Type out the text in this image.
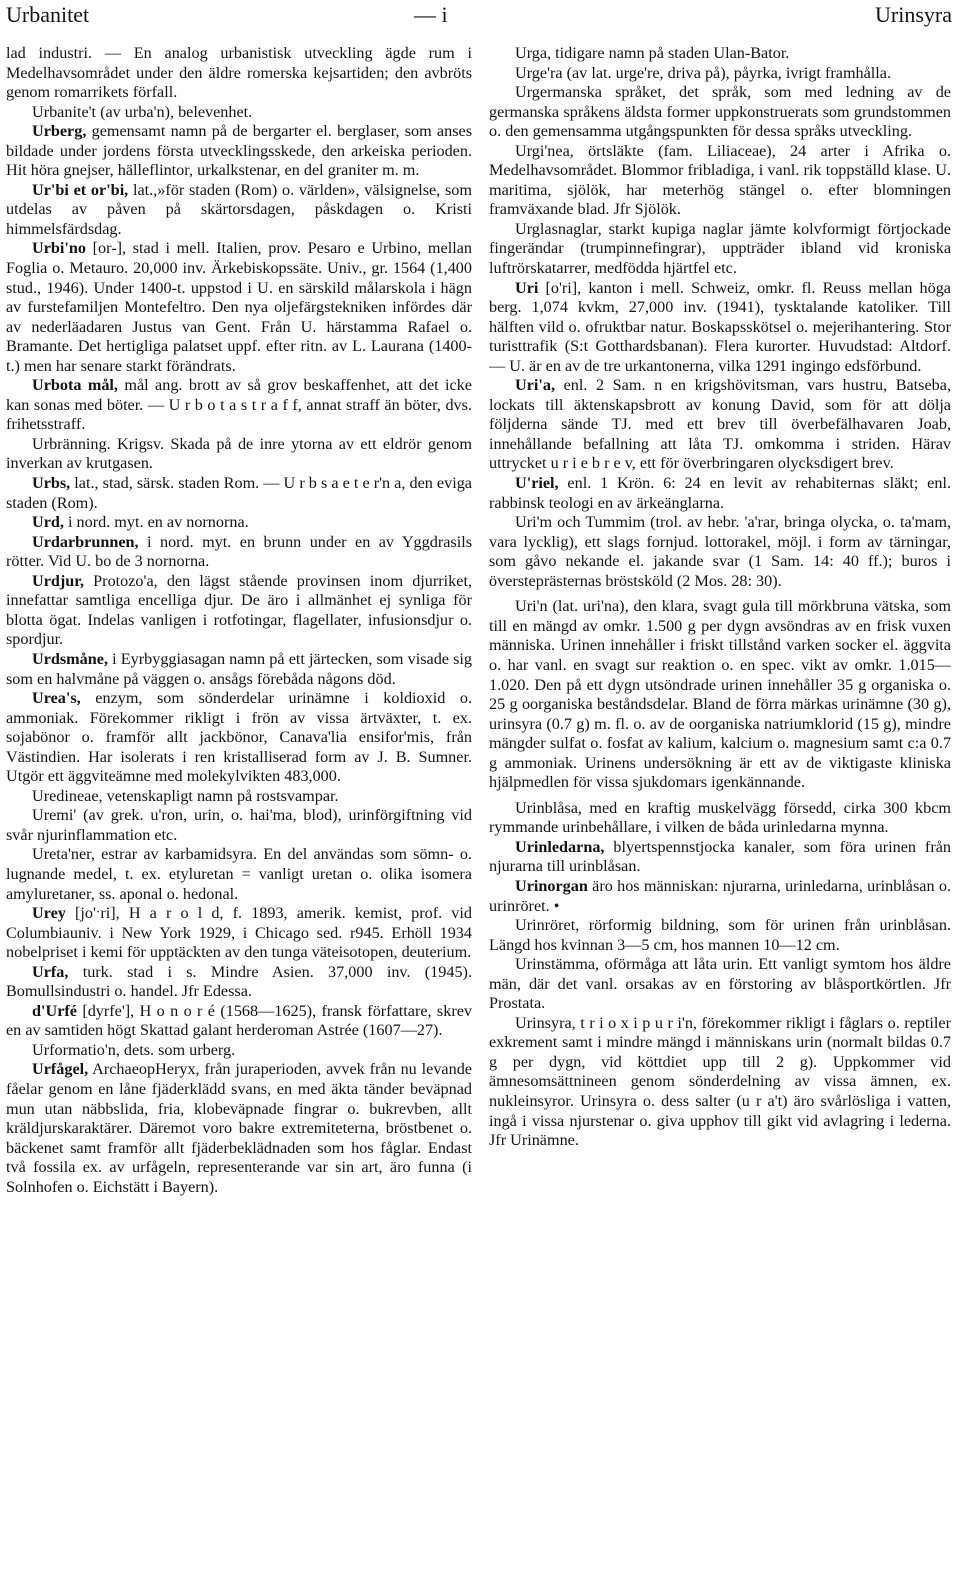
Urbanitet	— i	Urinsyra

lad industri. — En analog urbanistisk utveckling ägde rum i Medelhavsområdet under den äldre romerska kejsartiden; den avbröts genom romarrikets förfall.

Urbanite't (av urba'n), belevenhet.

Urberg, gemensamt namn på de bergarter el. berglaser, som anses bildade under jordens första utvecklingsskede, den arkeiska perioden. Hit höra gnejser, hälleflintor, urkalkstenar, en del graniter m. m.

Ur'bi et or'bi, lat.,»för staden (Rom) o. världen», välsignelse, som utdelas av påven på skärtorsdagen, påskdagen o. Kristi himmelsfärdsdag.

Urbi'no [or-], stad i mell. Italien, prov. Pesaro e Urbino, mellan Foglia o. Metauro. 20,000 inv. Ärkebiskopssäte. Univ., gr. 1564 (1,400 stud., 1946). Under 1400-t. uppstod i U. en särskild målarskola i hägn av furstefamiljen Montefeltro. Den nya oljefärgstekniken infördes där av nederläadaren Justus van Gent. Från U. härstamma Rafael o. Bramante. Det hertigliga palatset uppf. efter ritn. av L. Laurana (1400-t.) men har senare starkt förändrats.

Urbota mål, mål ang. brott av så grov beskaffenhet, att det icke kan sonas med böter. — U r b o t a s t r a f f, annat straff än böter, dvs. frihetsstraff.

Urbränning. Krigsv. Skada på de inre ytorna av ett eldrör genom inverkan av krutgasen.

Urbs, lat., stad, särsk. staden Rom. — U r b s a e t e r'n a, den eviga staden (Rom).

Urd, i nord. myt. en av nornorna.

Urdarbrunnen, i nord. myt. en brunn under en av Yggdrasils rötter. Vid U. bo de 3 nornorna.

Urdjur, Protozo'a, den lägst stående provinsen inom djurriket, innefattar samtliga encelliga djur. De äro i allmänhet ej synliga för blotta ögat. Indelas vanligen i rotfotingar, flagellater, infusionsdjur o. spordjur.

Urdsmåne, i Eyrbyggiasagan namn på ett järtecken, som visade sig som en halvmåne på väggen o. ansågs förebåda någons död.

Urea's, enzym, som sönderdelar urinämne i koldioxid o. ammoniak. Förekommer rikligt i frön av vissa ärtväxter, t. ex. sojabönor o. framför allt jackbönor, Canava'lia ensifor'mis, från Västindien. Har isolerats i ren kristalliserad form av J. B. Sumner. Utgör ett äggviteämne med molekylvikten 483,000.

Uredineae, vetenskapligt namn på rostsvampar.

Uremi' (av grek. u'ron, urin, o. hai'ma, blod), urinförgiftning vid svår njurinflammation etc.

Ureta'ner, estrar av karbamidsyra. En del användas som sömn- o. lugnande medel, t. ex. etyluretan = vanligt uretan o. olika isomera amyluretaner, ss. aponal o. hedonal.

Urey [jo'ˑri], H a r o l d, f. 1893, amerik. kemist, prof. vid Columbiauniv. i New York 1929, i Chicago sed. r945. Erhöll 1934 nobelpriset i kemi för upptäckten av den tunga väteisotopen, deuterium.

Urfa, turk. stad i s. Mindre Asien. 37,000 inv. (1945). Bomullsindustri o. handel. Jfr Edessa.

d'Urfé [dyrfe'], H o n o r é (1568—1625), fransk författare, skrev en av samtiden högt Skattad galant herderoman Astrée (1607—27).

Urformatio'n, dets. som urberg.

Urfågel, ArchaeopHeryx, från juraperioden, avvek från nu levande fåelar genom en låne fjäderklädd svans, en med äkta tänder beväpnad mun utan näbbslida, fria, klobeväpnade fingrar o. bukrevben, allt kräldjurskaraktärer. Däremot voro bakre extremiteterna, bröstbenet o. bäckenet samt framför allt fjäderbeklädnaden som hos fåglar. Endast två fossila ex. av urfågeln, representerande var sin art, äro funna (i Solnhofen o. Eichstätt i Bayern).

Urga, tidigare namn på staden Ulan-Bator.

Urge'ra (av lat. urge're, driva på), påyrka, ivrigt framhålla.

Urgermanska språket, det språk, som med ledning av de germanska språkens äldsta former uppkonstruerats som grundstommen o. den gemensamma utgångspunkten för dessa språks utveckling.

Urgi'nea, örtsläkte (fam. Liliaceae), 24 arter i Afrika o. Medelhavsområdet. Blommor fribladiga, i vanl. rik toppställd klase. U. maritima, sjölök, har meterhög stängel o. efter blomningen framväxande blad. Jfr Sjölök.

Urglasnaglar, starkt kupiga naglar jämte kolvformigt förtjockade fingerändar (trumpinnefingrar), uppträder ibland vid kroniska luftrörskatarrer, medfödda hjärtfel etc.

Uri [o'ri], kanton i mell. Schweiz, omkr. fl. Reuss mellan höga berg. 1,074 kvkm, 27,000 inv. (1941), tysktalande katoliker. Till hälften vild o. ofruktbar natur. Boskapsskötsel o. mejerihantering. Stor turisttrafik (S:t Gotthardsbanan). Flera kurorter. Huvudstad: Altdorf. — U. är en av de tre urkantonerna, vilka 1291 ingingo edsförbund.

Uri'a, enl. 2 Sam. n en krigshövitsman, vars hustru, Batseba, lockats till äktenskapsbrott av konung David, som för att dölja följderna sände TJ. med ett brev till överbefälhavaren Joab, innehållande befallning att låta TJ. omkomma i striden. Härav uttrycket u r i e b r e v, ett för överbringaren olycksdigert brev.

U'riel, enl. 1 Krön. 6: 24 en levit av rehabiternas släkt; enl. rabbinsk teologi en av ärkeänglarna.

Uri'm och Tummim (trol. av hebr. 'a'rar, bringa olycka, o. ta'mam, vara lycklig), ett slags fornjud. lottorakel, möjl. i form av tärningar, som gåvo nekande el. jakande svar (1 Sam. 14: 40 ff.); buros i översteprästernas bröstsköld (2 Mos. 28: 30).

Uri'n (lat. uri'na), den klara, svagt gula till mörkbruna vätska, som till en mängd av omkr. 1.500 g per dygn avsöndras av en frisk vuxen människa. Urinen innehåller i friskt tillstånd varken socker el. äggvita o. har vanl. en svagt sur reaktion o. en spec. vikt av omkr. 1.015—1.020. Den på ett dygn utsöndrade urinen innehåller 35 g organiska o. 25 g oorganiska beståndsdelar. Bland de förra märkas urinämne (30 g), urinsyra (0.7 g) m. fl. o. av de oorganiska natriumklorid (15 g), mindre mängder sulfat o. fosfat av kalium, kalcium o. magnesium samt c:a 0.7 g ammoniak. Urinens undersökning är ett av de viktigaste kliniska hjälpmedlen för vissa sjukdomars igenkännande.

Urinblåsa, med en kraftig muskelvägg försedd, cirka 300 kbcm rymmande urinbehållare, i vilken de båda urinledarna mynna.

Urinledarna, blyertspennstjocka kanaler, som föra urinen från njurarna till urinblåsan.

Urinorgan äro hos människan: njurarna, urinledarna, urinblåsan o. urinröret. •

Urinröret, rörformig bildning, som för urinen från urinblåsan. Längd hos kvinnan 3—5 cm, hos mannen 10—12 cm.

Urinstämma, oförmåga att låta urin. Ett vanligt symtom hos äldre män, där det vanl. orsakas av en förstoring av blåsportkörtlen. Jfr Prostata.

Urinsyra, t r i o x i p u r i'n, förekommer rikligt i fåglars o. reptiler exkrement samt i mindre mängd i människans urin (normalt bildas 0.7 g per dygn, vid köttdiet upp till 2 g). Uppkommer vid ämnesomsättnineen genom sönderdelning av vissa ämnen, ex. nukleinsyror. Urinsyra o. dess salter (u r a't) äro svårlösliga i vatten, ingå i vissa njurstenar o. giva upphov till gikt vid avlagring i lederna. Jfr Urinämne.
